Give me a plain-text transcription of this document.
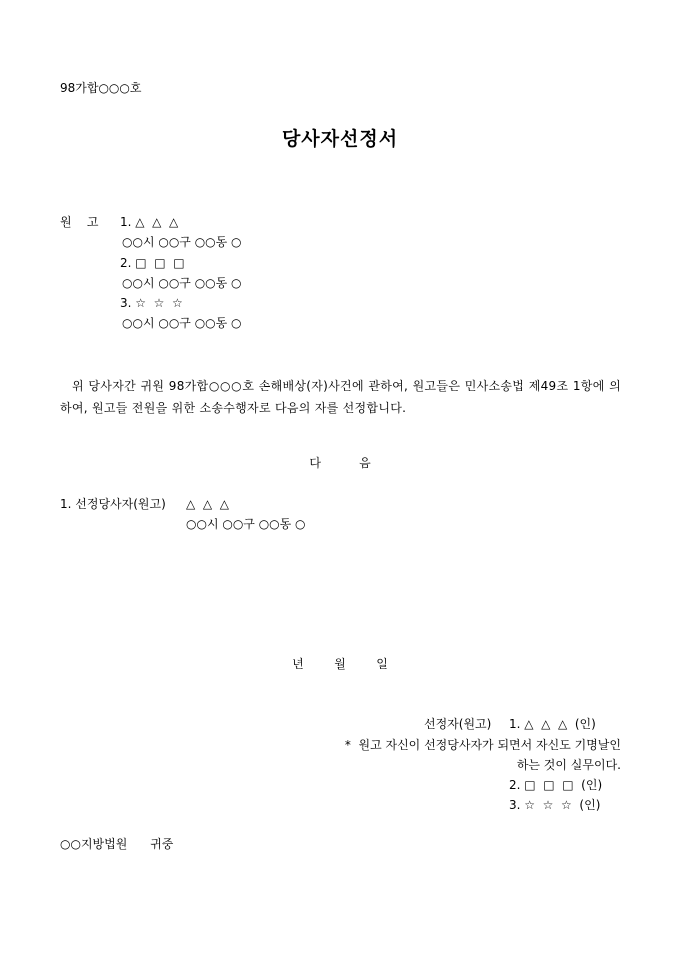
98가합○○○호
당사자선정서
원    고 1. △  △  △
○○시 ○○구 ○○동 ○
2. □  □  □
○○시 ○○구 ○○동 ○
3. ☆  ☆  ☆
○○시 ○○구 ○○동 ○
위 당사자간 귀원 98가합○○○호 손해배상(자)사건에 관하여, 원고들은 민사소송법 제49조 1항에 의하여, 원고들 전원을 위한 소송수행자로 다음의 자를 선정합니다.
다          음
1. 선정당사자(원고) △  △  △
○○시 ○○구 ○○동 ○
년        월        일
선정자(원고) 1. △  △  △  (인)
*  원고 자신이 선정당사자가 되면서 자신도 기명날인
하는 것이 실무이다.
2. □  □  □  (인)
3. ☆  ☆  ☆  (인)
○○지방법원      귀중
